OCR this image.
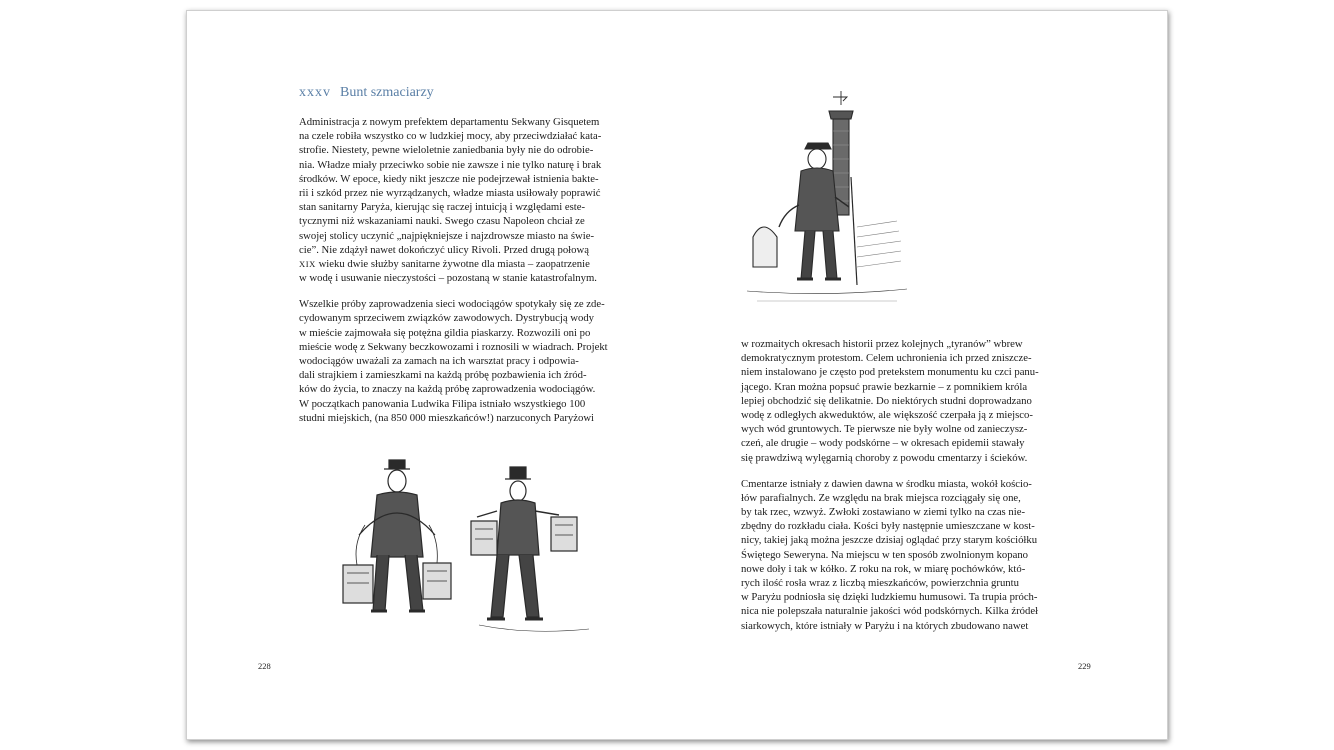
xxxv Bunt szmaciarzy
Administracja z nowym prefektem departamentu Sekwany Gisquetem
na czele robiła wszystko co w ludzkiej mocy, aby przeciwdziałać kata-
strofie. Niestety, pewne wieloletnie zaniedbania były nie do odrobie-
nia. Władze miały przeciwko sobie nie zawsze i nie tylko naturę i brak
środków. W epoce, kiedy nikt jeszcze nie podejrzewał istnienia bakte-
rii i szkód przez nie wyrządzanych, władze miasta usiłowały poprawić
stan sanitarny Paryża, kierując się raczej intuicją i względami este-
tycznymi niż wskazaniami nauki. Swego czasu Napoleon chciał ze
swojej stolicy uczynić „najpiękniejsze i najzdrowsze miasto na świe-
cie”. Nie zdążył nawet dokończyć ulicy Rivoli. Przed drugą połową
XIX wieku dwie służby sanitarne żywotne dla miasta – zaopatrzenie
w wodę i usuwanie nieczystości – pozostaną w stanie katastrofalnym.
Wszelkie próby zaprowadzenia sieci wodociągów spotykały się ze zde-
cydowanym sprzeciwem związków zawodowych. Dystrybucją wody
w mieście zajmowała się potężna gildia piaskarzy. Rozwozili oni po
mieście wodę z Sekwany beczkowozami i roznosili w wiadrach. Projekt
wodociągów uważali za zamach na ich warsztat pracy i odpowia-
dali strajkiem i zamieszkami na każdą próbę pozbawienia ich źród-
ków do życia, to znaczy na każdą próbę zaprowadzenia wodociągów.
W początkach panowania Ludwika Filipa istniało wszystkiego 100
studni miejskich, (na 850 000 mieszkańców!) narzuconych Paryżowi
w rozmaitych okresach historii przez kolejnych „tyranów” wbrew
demokratycznym protestom. Celem uchronienia ich przed zniszcze-
niem instalowano je często pod pretekstem monumentu ku czci panu-
jącego. Kran można popsuć prawie bezkarnie – z pomnikiem króla
lepiej obchodzić się delikatnie. Do niektórych studni doprowadzano
wodę z odległych akweduktów, ale większość czerpała ją z miejsco-
wych wód gruntowych. Te pierwsze nie były wolne od zanieczysz-
czeń, ale drugie – wody podskórne – w okresach epidemii stawały
się prawdziwą wylęgarnią choroby z powodu cmentarzy i ścieków.
Cmentarze istniały z dawien dawna w środku miasta, wokół kościo-
łów parafialnych. Ze względu na brak miejsca rozciągały się one,
by tak rzec, wzwyż. Zwłoki zostawiano w ziemi tylko na czas nie-
zbędny do rozkładu ciała. Kości były następnie umieszczane w kost-
nicy, takiej jaką można jeszcze dzisiaj oglądać przy starym kościółku
Świętego Seweryna. Na miejscu w ten sposób zwolnionym kopano
nowe doły i tak w kółko. Z roku na rok, w miarę pochówków, któ-
rych ilość rosła wraz z liczbą mieszkańców, powierzchnia gruntu
w Paryżu podniosła się dzięki ludzkiemu humusowi. Ta trupia próch-
nica nie polepszała naturalnie jakości wód podskórnych. Kilka źródeł
siarkowych, które istniały w Paryżu i na których zbudowano nawet
228	229
